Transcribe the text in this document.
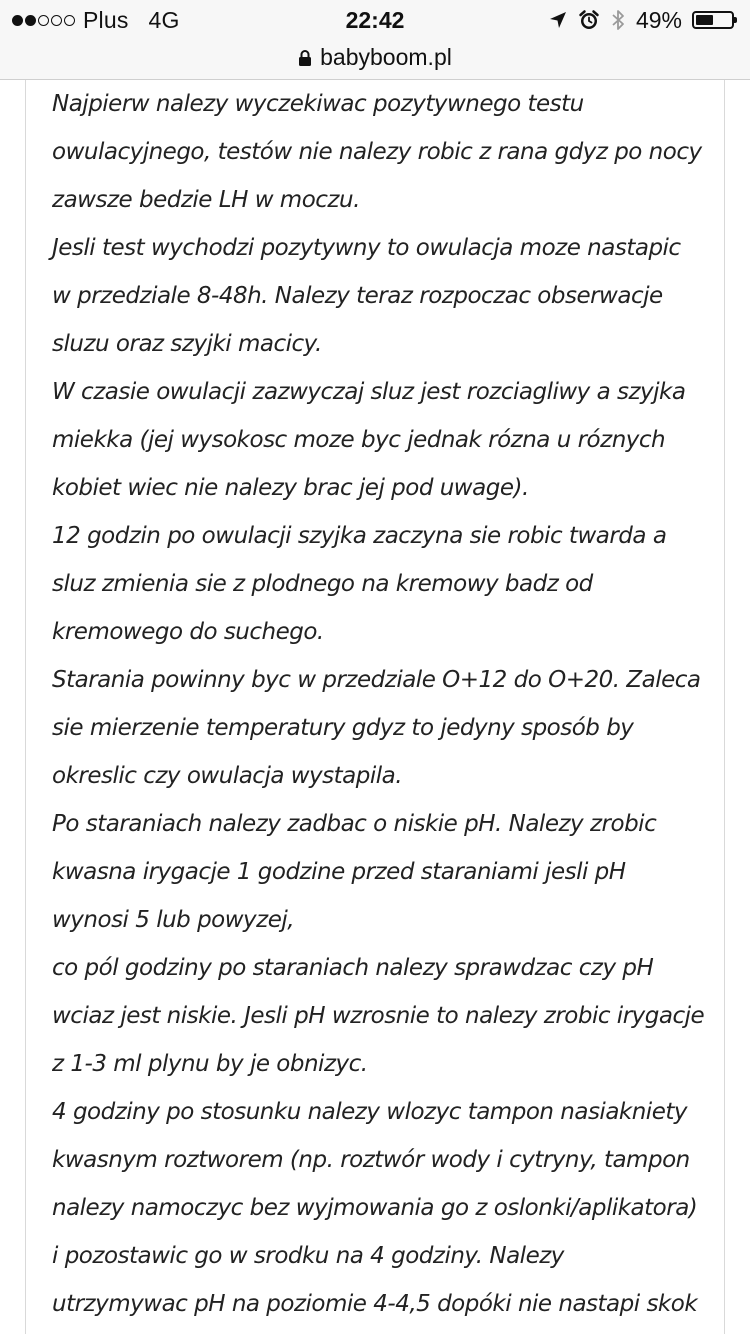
Plus 4G	22:42	49%
babyboom.pl
Najpierw nalezy wyczekiwac pozytywnego testu
owulacyjnego, testów nie nalezy robic z rana gdyz po nocy
zawsze bedzie LH w moczu.
Jesli test wychodzi pozytywny to owulacja moze nastapic
w przedziale 8-48h. Nalezy teraz rozpoczac obserwacje
sluzu oraz szyjki macicy.
W czasie owulacji zazwyczaj sluz jest rozciagliwy a szyjka
miekka (jej wysokosc moze byc jednak rózna u róznych
kobiet wiec nie nalezy brac jej pod uwage).
12 godzin po owulacji szyjka zaczyna sie robic twarda a
sluz zmienia sie z plodnego na kremowy badz od
kremowego do suchego.
Starania powinny byc w przedziale O+12 do O+20. Zaleca
sie mierzenie temperatury gdyz to jedyny sposób by
okreslic czy owulacja wystapila.
Po staraniach nalezy zadbac o niskie pH. Nalezy zrobic
kwasna irygacje 1 godzine przed staraniami jesli pH
wynosi 5 lub powyzej,
co pól godziny po staraniach nalezy sprawdzac czy pH
wciaz jest niskie. Jesli pH wzrosnie to nalezy zrobic irygacje
z 1-3 ml plynu by je obnizyc.
4 godziny po stosunku nalezy wlozyc tampon nasiakniety
kwasnym roztworem (np. roztwór wody i cytryny, tampon
nalezy namoczyc bez wyjmowania go z oslonki/aplikatora)
i pozostawic go w srodku na 4 godziny. Nalezy
utrzymywac pH na poziomie 4-4,5 dopóki nie nastapi skok
